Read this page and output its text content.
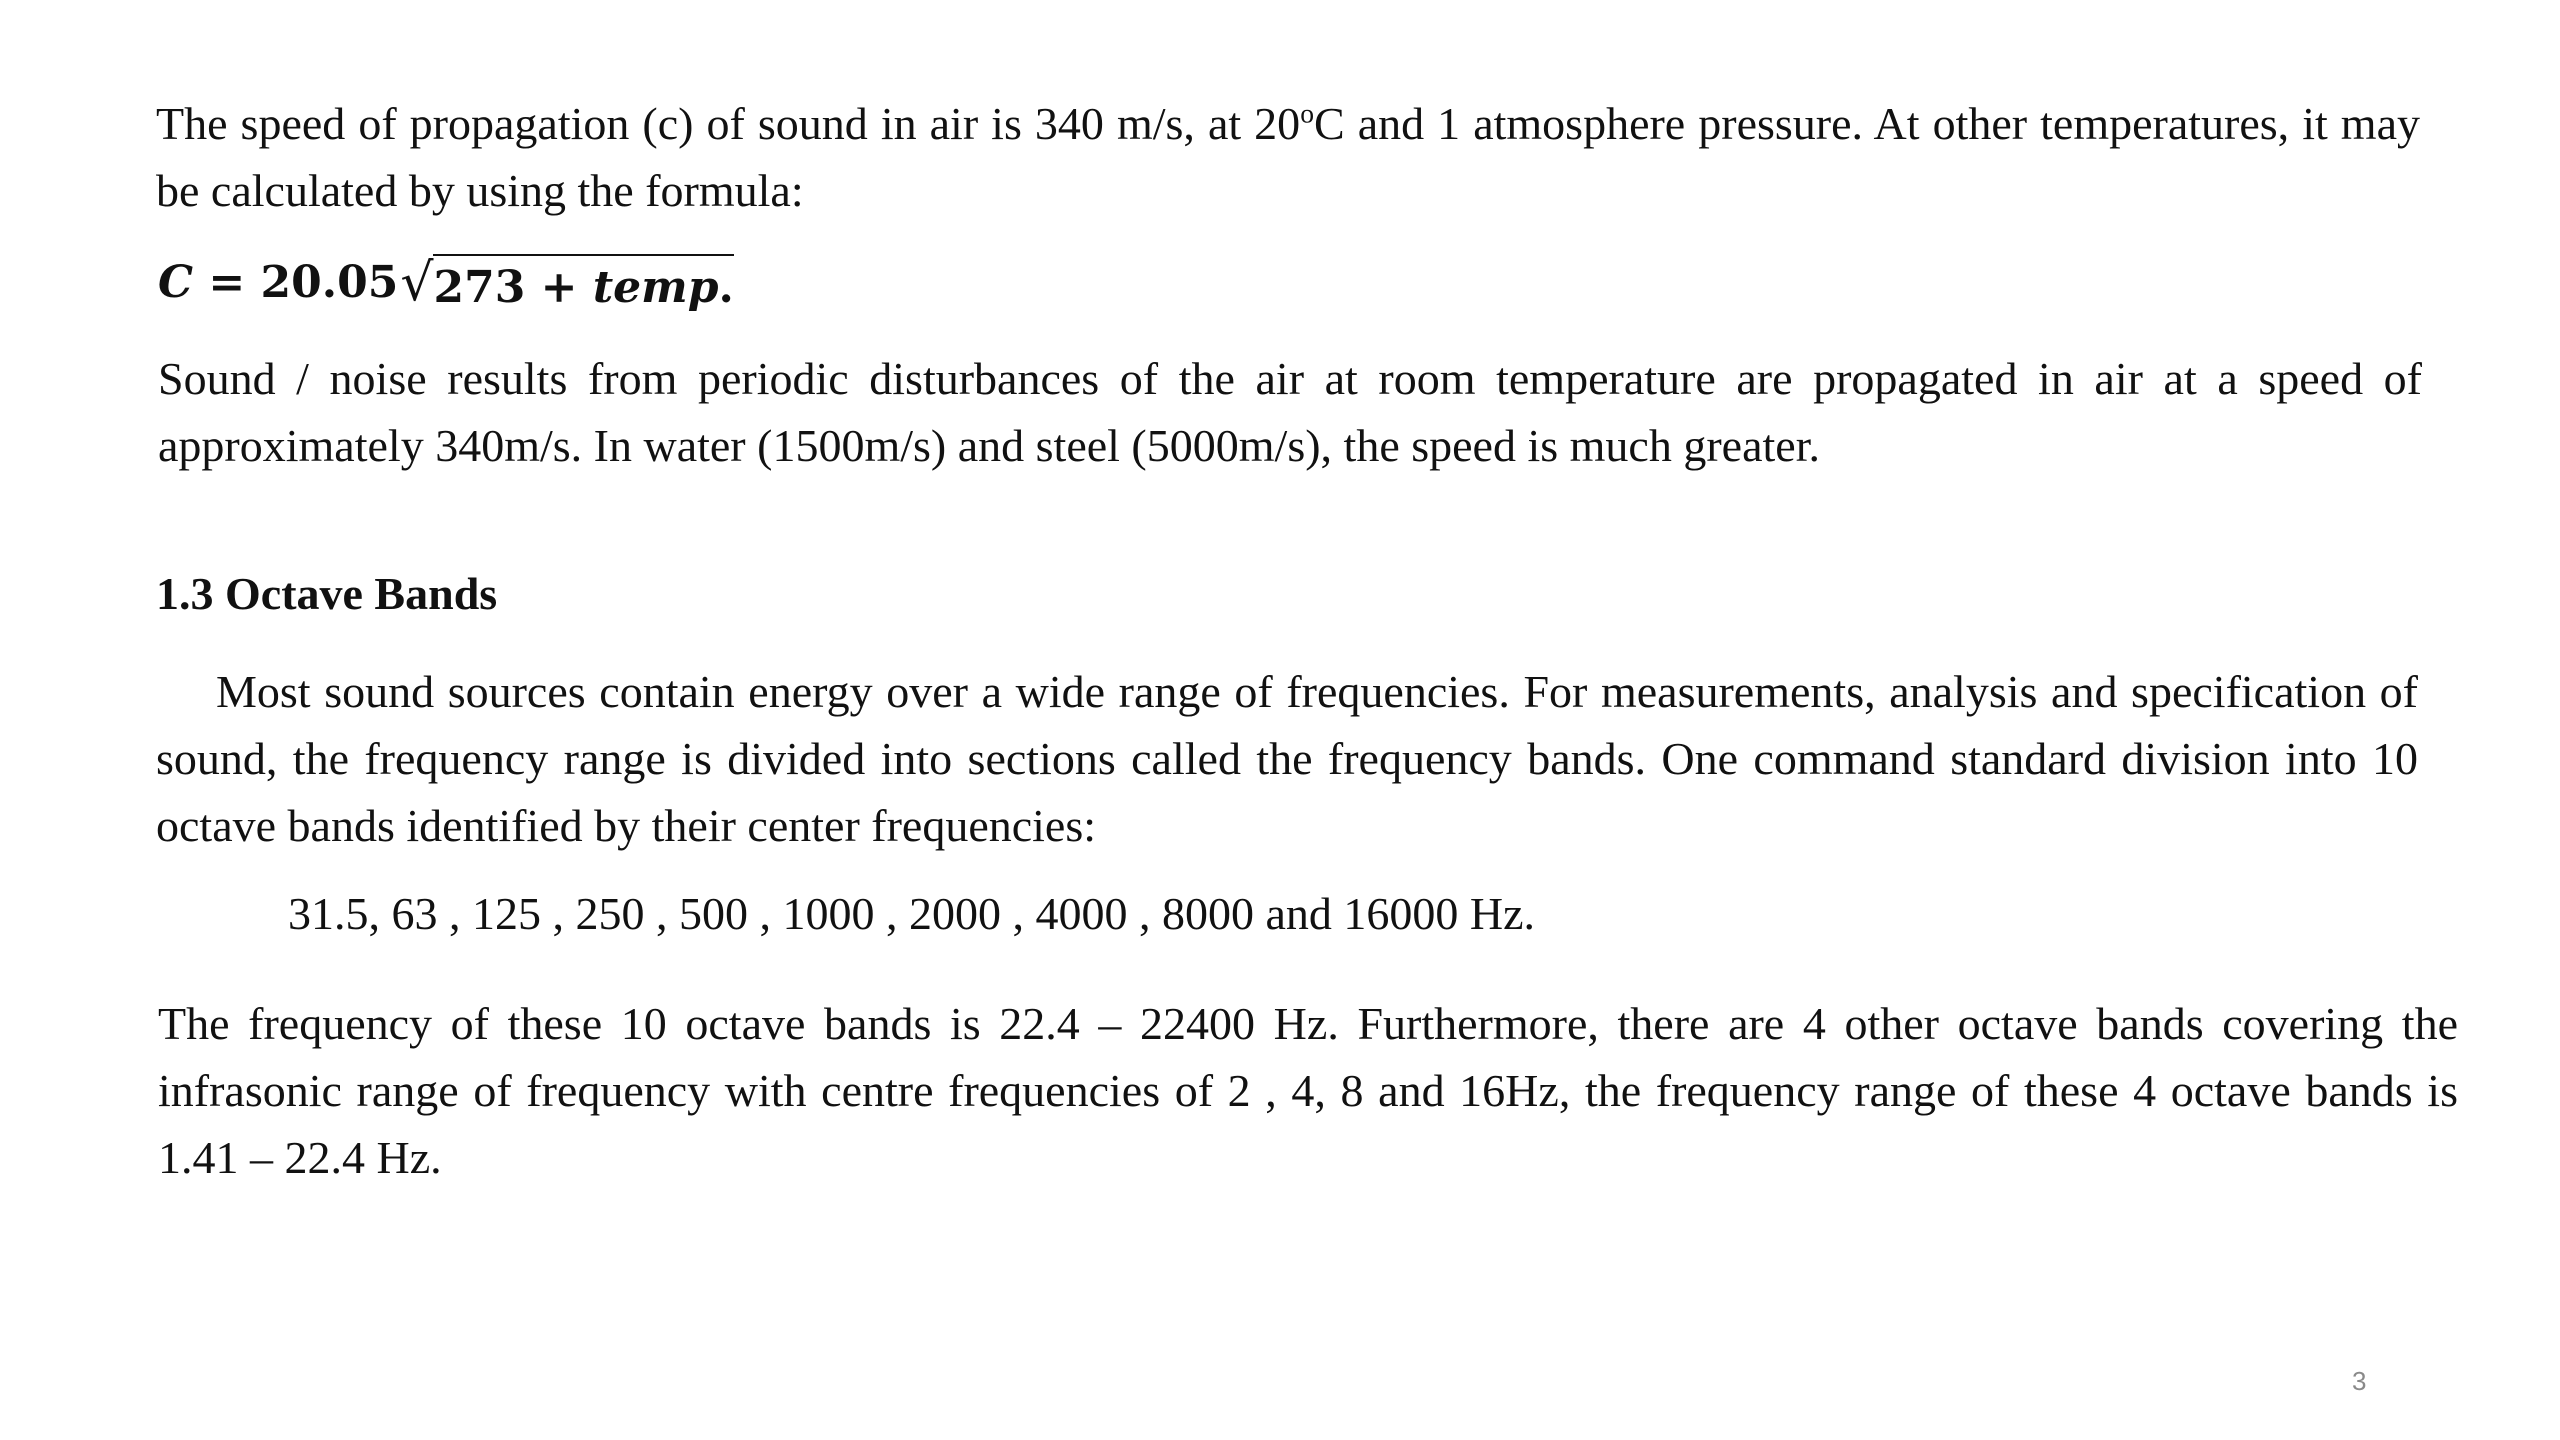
The speed of propagation (c) of sound in air is 340 m/s, at 20$^o$C and 1 atmosphere pressure. At other temperatures, it may be calculated by using the formula:

C = 20.05√273 + temp.

Sound / noise results from periodic disturbances of the air at room temperature are propagated in air at a speed of approximately 340m/s. In water (1500m/s) and steel (5000m/s), the speed is much greater.

1.3 Octave Bands

Most sound sources contain energy over a wide range of frequencies. For measurements, analysis and specification of sound, the frequency range is divided into sections called the frequency bands. One command standard division into 10 octave bands identified by their center frequencies:

31.5, 63 , 125 , 250 , 500 , 1000 , 2000 , 4000 , 8000 and 16000 Hz.

The frequency of these 10 octave bands is 22.4 – 22400 Hz. Furthermore, there are 4 other octave bands covering the infrasonic range of frequency with centre frequencies of 2 , 4, 8 and 16Hz, the frequency range of these 4 octave bands is 1.41 – 22.4 Hz.

3
